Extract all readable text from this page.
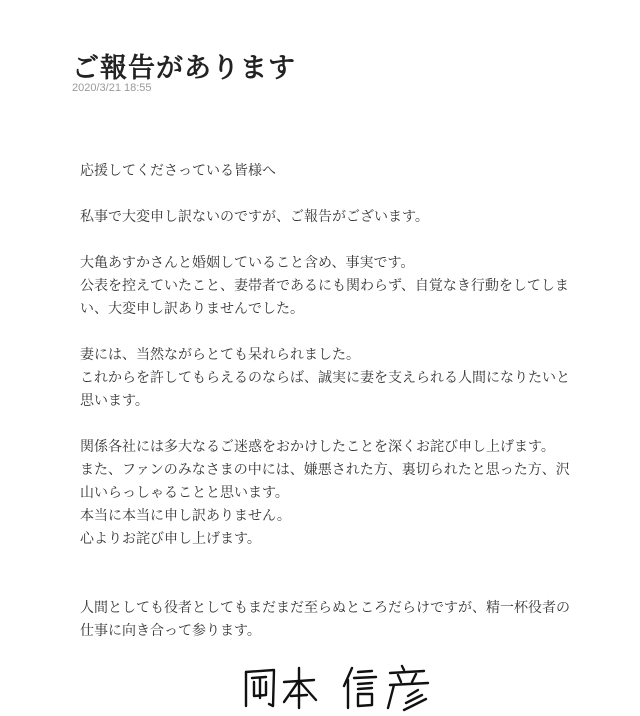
ご報告があります
2020/3/21 18:55

応援してくださっている皆様へ

私事で大変申し訳ないのですが、ご報告がございます。

大亀あすかさんと婚姻していること含め、事実です。
公表を控えていたこと、妻帯者であるにも関わらず、自覚なき行動をしてしま
い、大変申し訳ありませんでした。

妻には、当然ながらとても呆れられました。
これからを許してもらえるのならば、誠実に妻を支えられる人間になりたいと
思います。

関係各社には多大なるご迷惑をおかけしたことを深くお詫び申し上げます。
また、ファンのみなさまの中には、嫌悪された方、裏切られたと思った方、沢
山いらっしゃることと思います。
本当に本当に申し訳ありません。
心よりお詫び申し上げます。

人間としても役者としてもまだまだ至らぬところだらけですが、精一杯役者の
仕事に向き合って参ります。
